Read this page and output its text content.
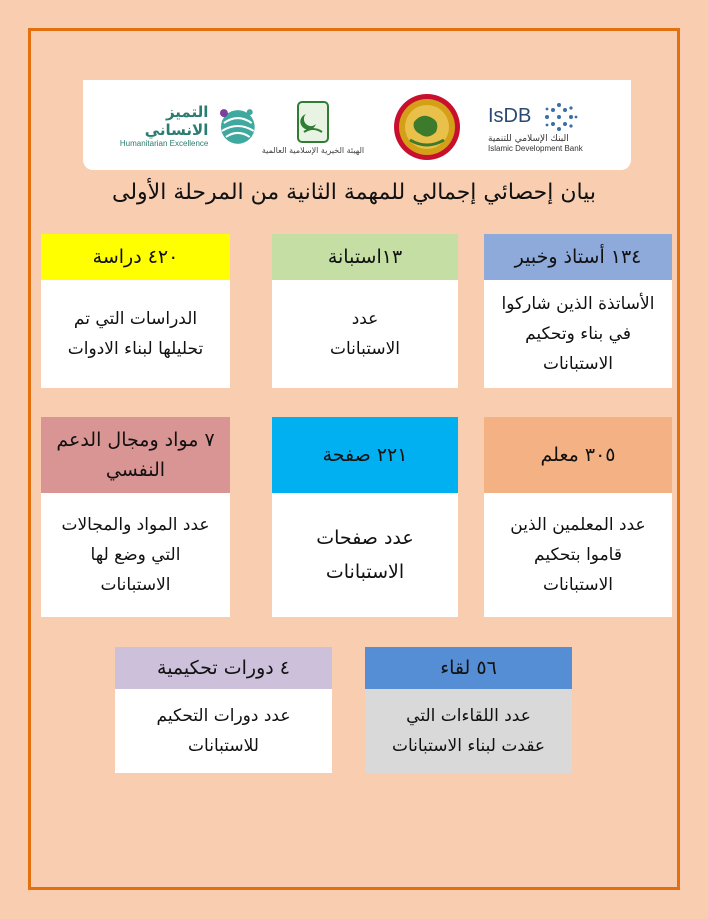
IsDB
البنك الإسلامي للتنمية
Islamic Development Bank
الهيئة الخيرية الإسلامية العالمية
التميز الانساني
Humanitarian Excellence
بيان إحصائي إجمالي للمهمة الثانية من المرحلة الأولى
١٣٤ أستاذ وخبير
الأساتذة الذين شاركوا
في بناء وتحكيم
الاستبانات
١٣استبانة
عدد
الاستبانات
٤٢٠ دراسة
الدراسات التي تم
تحليلها لبناء الادوات
٣٠٥ معلم
عدد المعلمين الذين
قاموا بتحكيم
الاستبانات
٢٢١ صفحة
عدد صفحات
الاستبانات
٧ مواد ومجال الدعم النفسي
عدد المواد والمجالات
التي وضع لها
الاستبانات
٥٦ لقاء
عدد اللقاءات التي
عقدت لبناء الاستبانات
٤ دورات تحكيمية
عدد دورات التحكيم
للاستبانات
